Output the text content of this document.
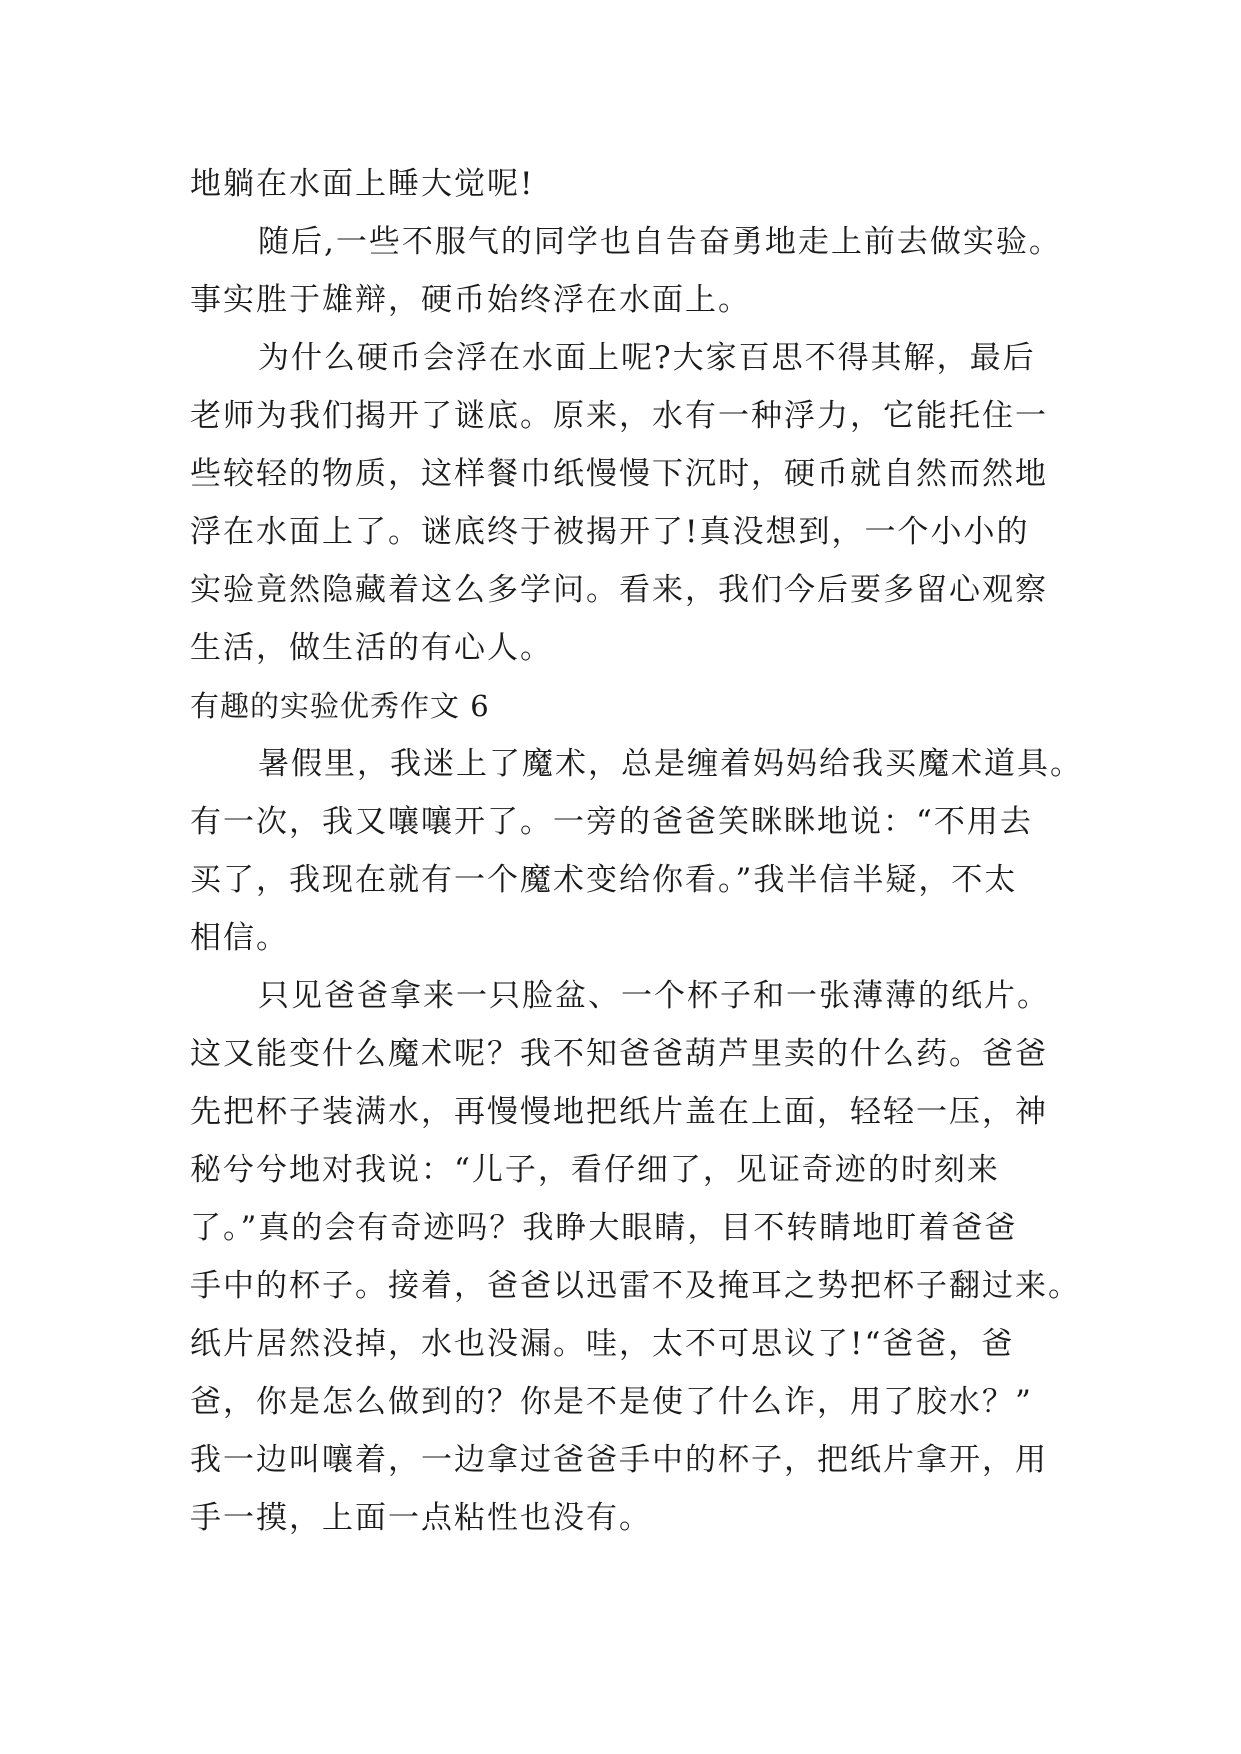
地躺在水面上睡大觉呢!
随后,一些不服气的同学也自告奋勇地走上前去做实验。
事实胜于雄辩，硬币始终浮在水面上。
为什么硬币会浮在水面上呢?大家百思不得其解，最后
老师为我们揭开了谜底。原来，水有一种浮力，它能托住一
些较轻的物质，这样餐巾纸慢慢下沉时，硬币就自然而然地
浮在水面上了。谜底终于被揭开了!真没想到，一个小小的
实验竟然隐藏着这么多学问。看来，我们今后要多留心观察
生活，做生活的有心人。
有趣的实验优秀作文 6
暑假里，我迷上了魔术，总是缠着妈妈给我买魔术道具。
有一次，我又嚷嚷开了。一旁的爸爸笑眯眯地说：“不用去
买了，我现在就有一个魔术变给你看。”我半信半疑，不太
相信。
只见爸爸拿来一只脸盆、一个杯子和一张薄薄的纸片。
这又能变什么魔术呢？我不知爸爸葫芦里卖的什么药。爸爸
先把杯子装满水，再慢慢地把纸片盖在上面，轻轻一压，神
秘兮兮地对我说：“儿子，看仔细了，见证奇迹的时刻来
了。”真的会有奇迹吗？我睁大眼睛，目不转睛地盯着爸爸
手中的杯子。接着，爸爸以迅雷不及掩耳之势把杯子翻过来。
纸片居然没掉，水也没漏。哇，太不可思议了!“爸爸，爸
爸，你是怎么做到的？你是不是使了什么诈，用了胶水？”
我一边叫嚷着，一边拿过爸爸手中的杯子，把纸片拿开，用
手一摸，上面一点粘性也没有。
